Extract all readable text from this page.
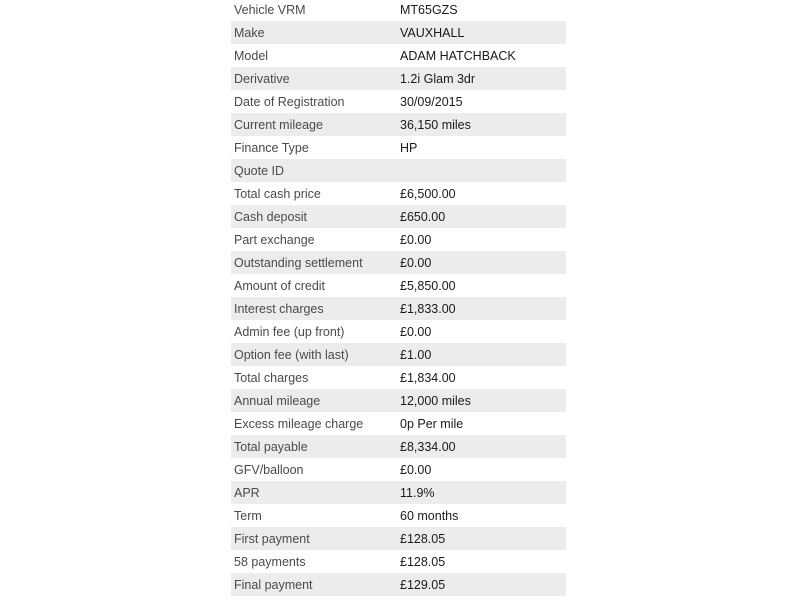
Vehicle VRM	MT65GZS
Make	VAUXHALL
Model	ADAM HATCHBACK
Derivative	1.2i Glam 3dr
Date of Registration	30/09/2015
Current mileage	36,150 miles
Finance Type	HP
Quote ID
Total cash price	£6,500.00
Cash deposit	£650.00
Part exchange	£0.00
Outstanding settlement	£0.00
Amount of credit	£5,850.00
Interest charges	£1,833.00
Admin fee (up front)	£0.00
Option fee (with last)	£1.00
Total charges	£1,834.00
Annual mileage	12,000 miles
Excess mileage charge	0p Per mile
Total payable	£8,334.00
GFV/balloon	£0.00
APR	11.9%
Term	60 months
First payment	£128.05
58 payments	£128.05
Final payment	£129.05
